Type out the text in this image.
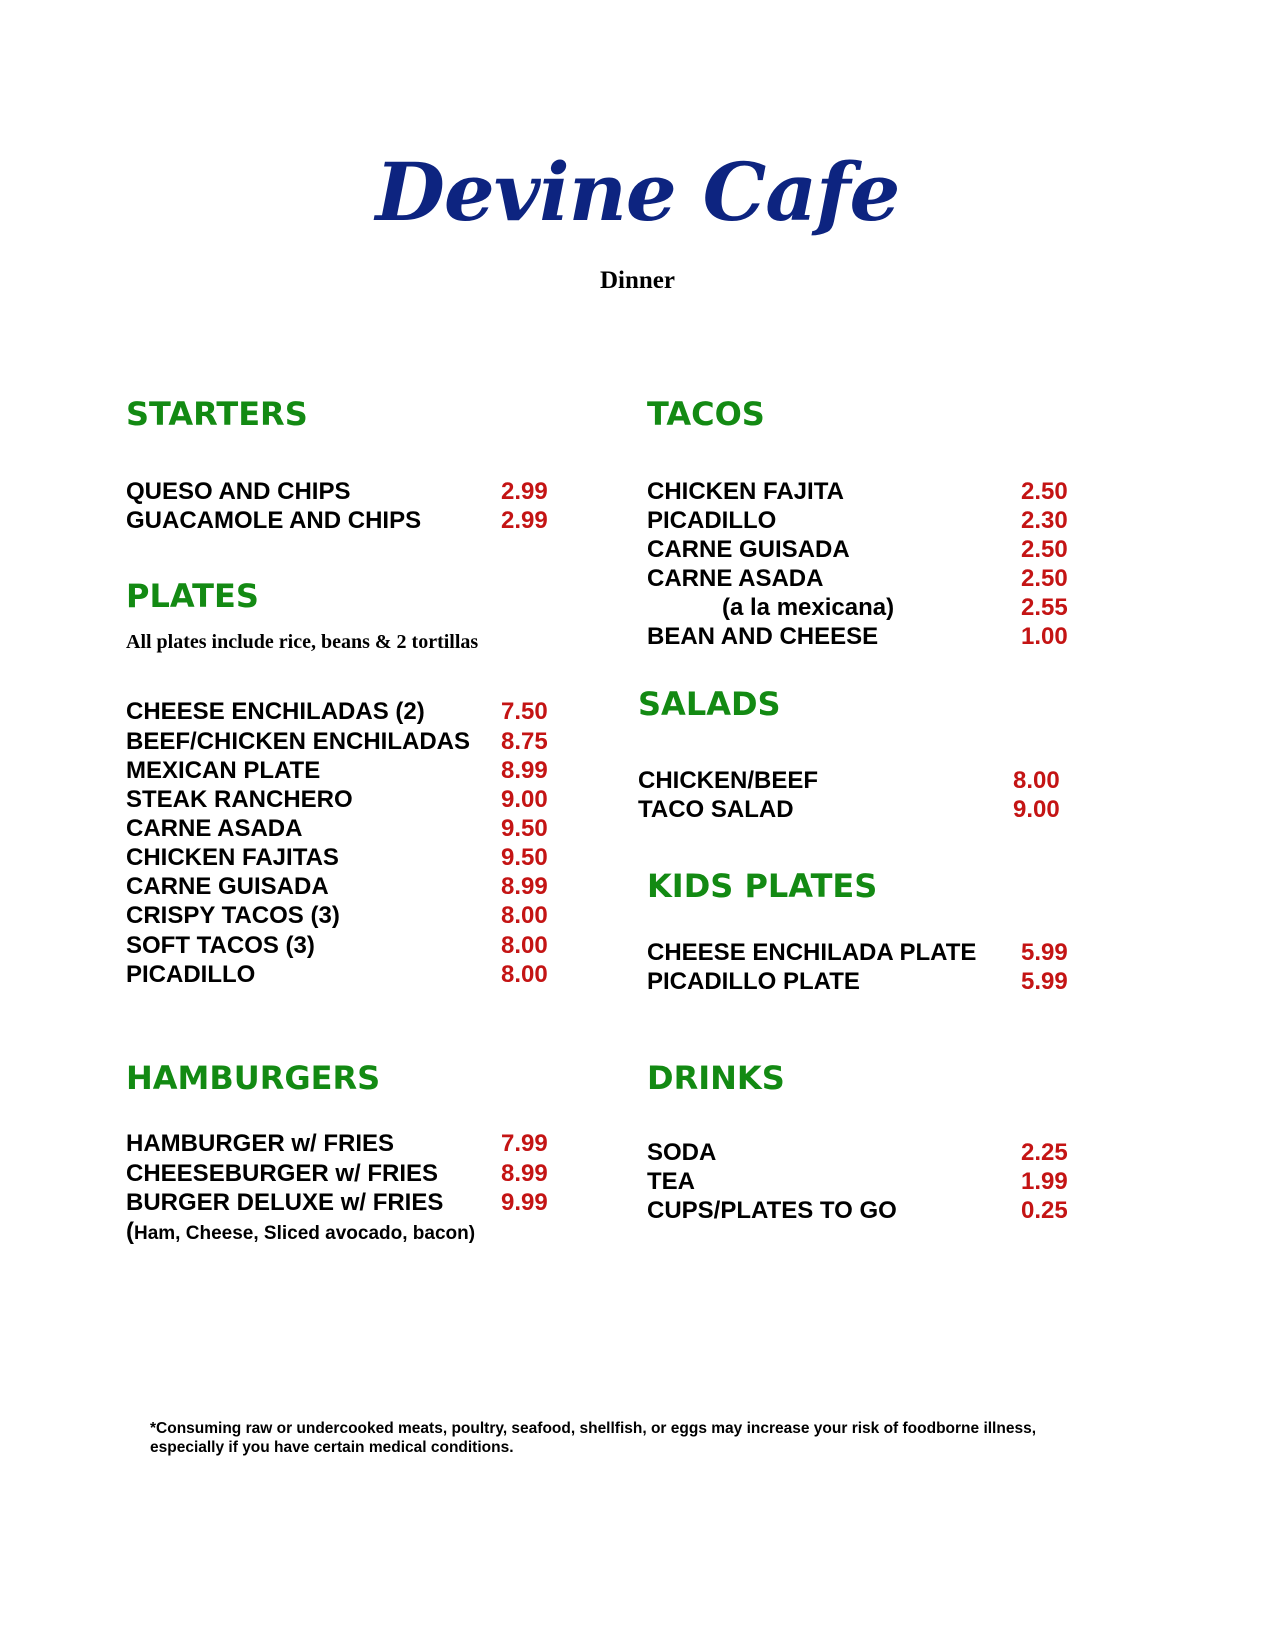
Devine Cafe
Dinner
STARTERS
QUESO AND CHIPS	2.99
GUACAMOLE AND CHIPS	2.99
PLATES
All plates include rice, beans & 2 tortillas
CHEESE ENCHILADAS (2)	7.50
BEEF/CHICKEN ENCHILADAS 8.75
MEXICAN PLATE	8.99
STEAK RANCHERO	9.00
CARNE ASADA	9.50
CHICKEN FAJITAS	9.50
CARNE GUISADA	8.99
CRISPY TACOS (3)	8.00
SOFT TACOS (3)	8.00
PICADILLO	8.00
HAMBURGERS
HAMBURGER w/ FRIES	7.99
CHEESEBURGER w/ FRIES	8.99
BURGER DELUXE w/ FRIES 9.99
(Ham, Cheese, Sliced avocado, bacon)
TACOS
CHICKEN FAJITA	2.50
PICADILLO	2.30
CARNE GUISADA	2.50
CARNE ASADA	2.50
(a la mexicana)	2.55
BEAN AND CHEESE	1.00
SALADS
CHICKEN/BEEF	8.00
TACO SALAD	9.00
KIDS PLATES
CHEESE ENCHILADA PLATE 5.99
PICADILLO PLATE	5.99
DRINKS
SODA	2.25
TEA	1.99
CUPS/PLATES TO GO	0.25
*Consuming raw or undercooked meats, poultry, seafood, shellfish, or eggs may increase your risk of foodborne illness,
especially if you have certain medical conditions.
